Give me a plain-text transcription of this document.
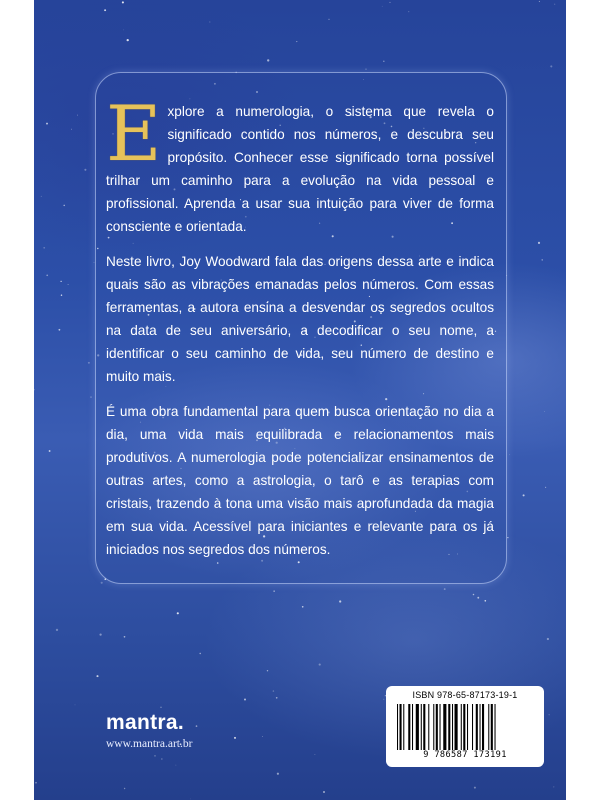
Explore a numerologia, o sistema que revela o significado contido nos números, e descubra seu propósito. Conhecer esse significado torna possível trilhar um caminho para a evolução na vida pessoal e profissional. Aprenda a usar sua intuição para viver de forma consciente e orientada.

Neste livro, Joy Woodward fala das origens dessa arte e indica quais são as vibrações emanadas pelos números. Com essas ferramentas, a autora ensina a desvendar os segredos ocultos na data de seu aniversário, a decodificar o seu nome, a identificar o seu caminho de vida, seu número de destino e muito mais.

É uma obra fundamental para quem busca orientação no dia a dia, uma vida mais equilibrada e relacionamentos mais produtivos. A numerologia pode potencializar ensinamentos de outras artes, como a astrologia, o tarô e as terapias com cristais, trazendo à tona uma visão mais aprofundada da magia em sua vida. Acessível para iniciantes e relevante para os já iniciados nos segredos dos números.

mantra.
www.mantra.art.br
ISBN 978-65-87173-19-1
9 786587 173191
